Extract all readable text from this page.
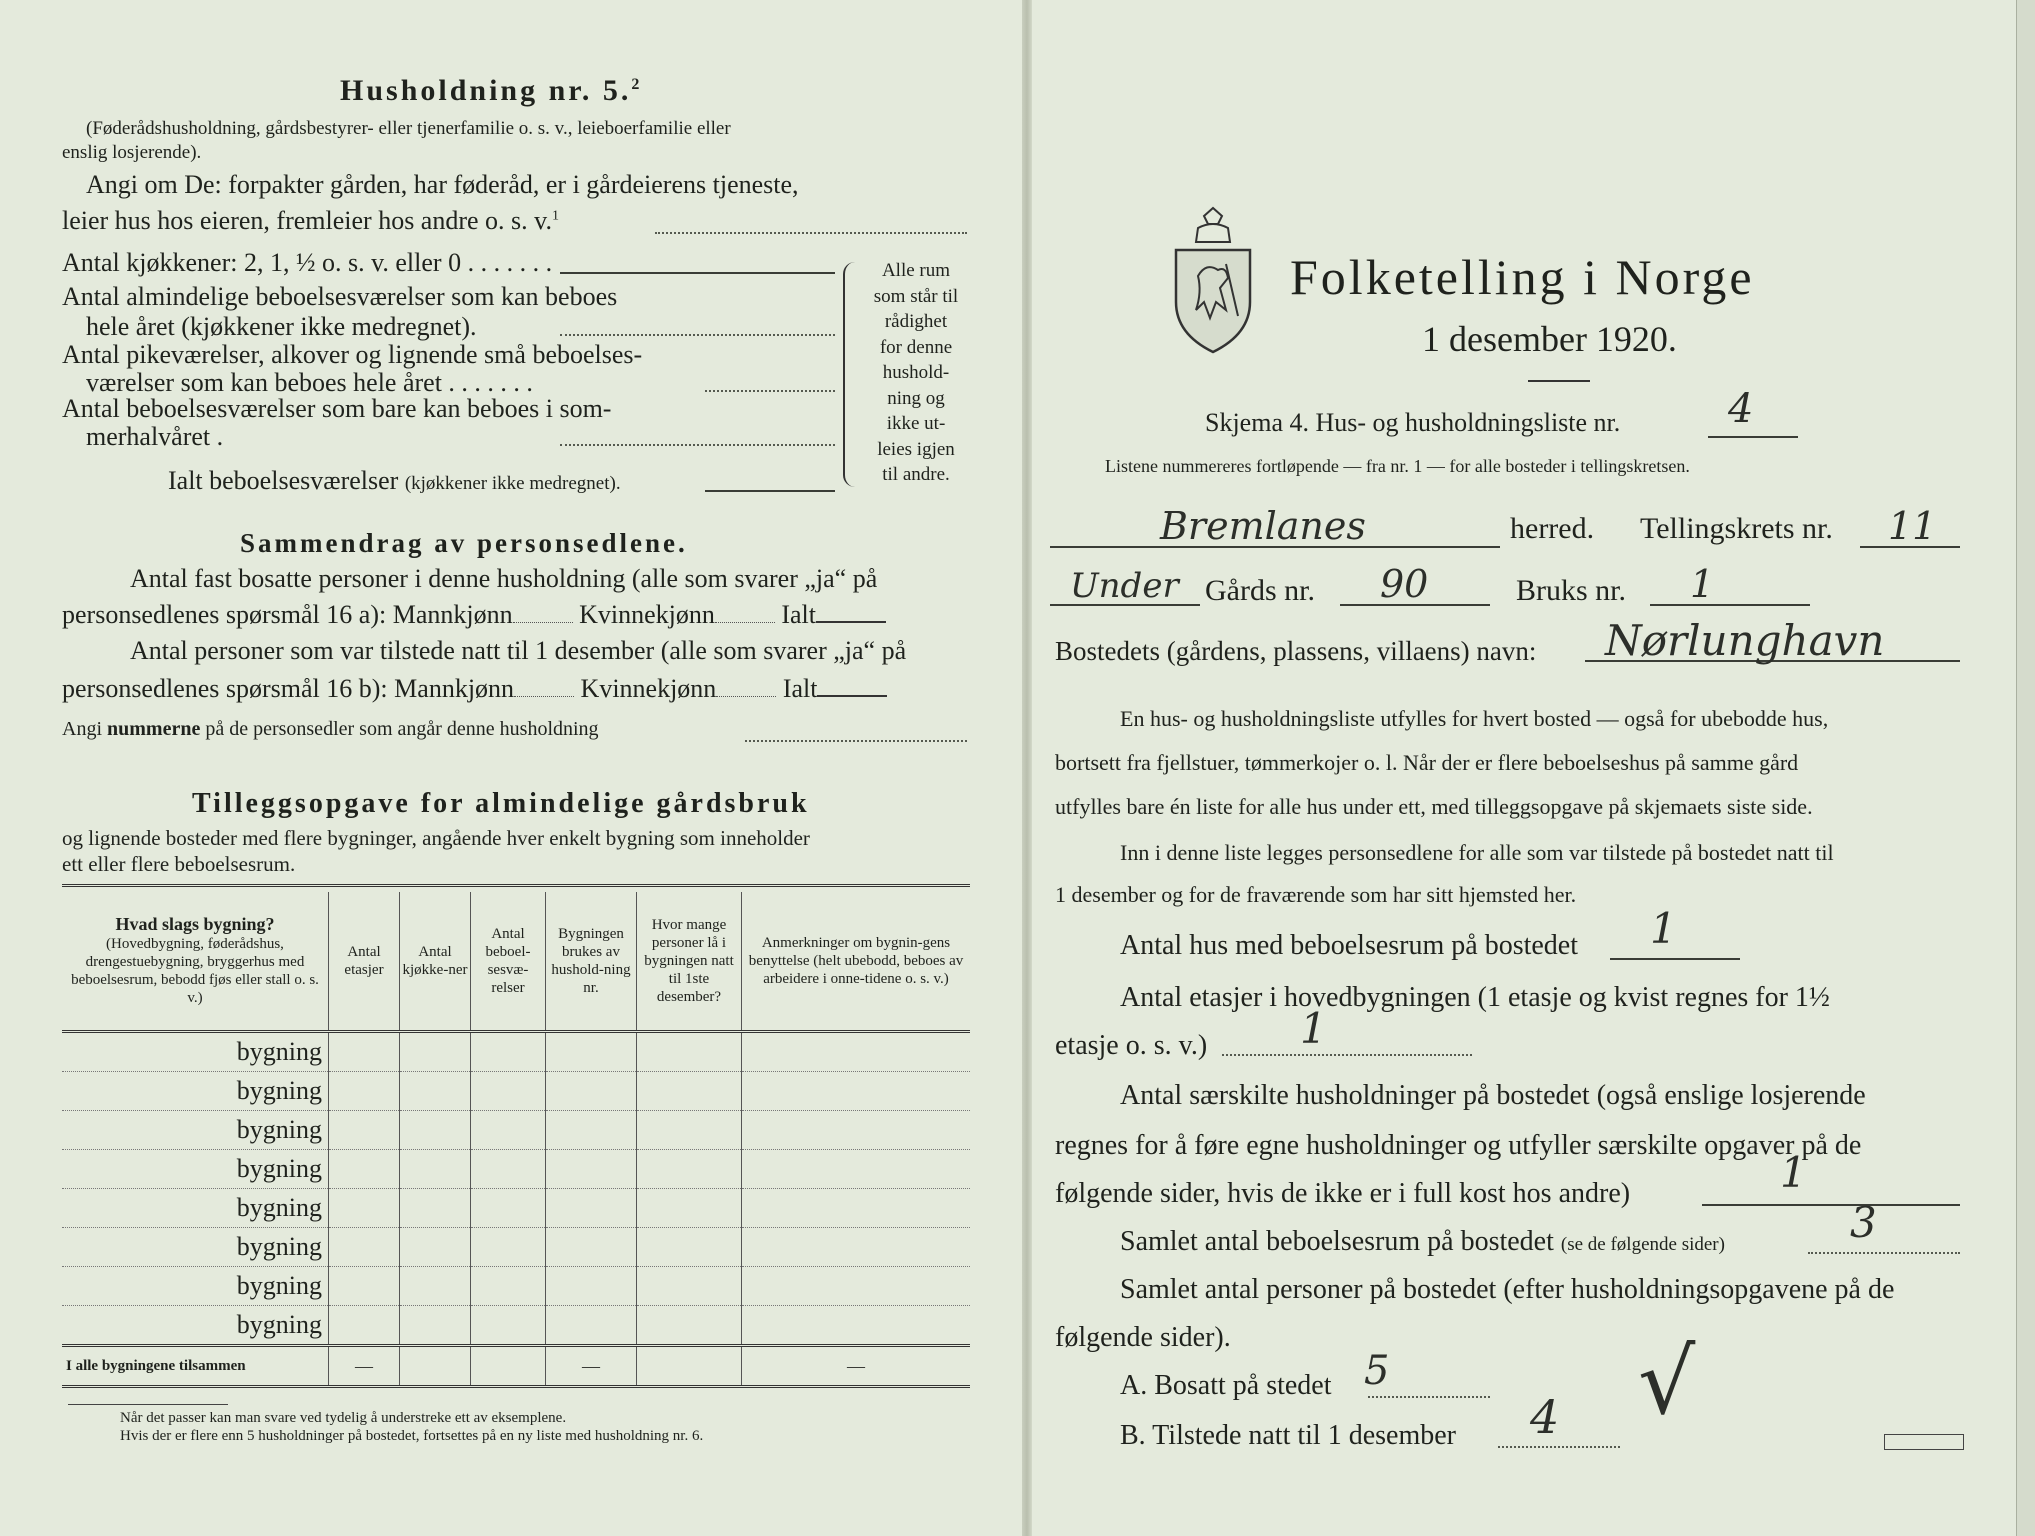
Husholdning nr. 5.$^2$
(Føderådshusholdning, gårdsbestyrer- eller tjenerfamilie o. s. v., leieboerfamilie eller
enslig losjerende).
Angi om De: forpakter gården, har føderåd, er i gårdeierens tjeneste,
leier hus hos eieren, fremleier hos andre o. s. v.$^1$
Antal kjøkkener: 2, 1, ½ o. s. v. eller 0 . . . . . . .
Antal almindelige beboelsesværelser som kan beboes
hele året (kjøkkener ikke medregnet).
Antal pikeværelser, alkover og lignende små beboelses-
værelser som kan beboes hele året . . . . . . .
Antal beboelsesværelser som bare kan beboes i som-
merhalvåret .
Ialt beboelsesværelser (kjøkkener ikke medregnet).
Alle rum
som står til
rådighet
for denne
hushold-
ning og
ikke ut-
leies igjen
til andre.
Sammendrag av personsedlene.
Antal fast bosatte personer i denne husholdning (alle som svarer „ja“ på
personsedlenes spørsmål 16 a): Mannkjønn	Kvinnekjønn	Ialt
Antal personer som var tilstede natt til 1 desember (alle som svarer „ja“ på
personsedlenes spørsmål 16 b): Mannkjønn	Kvinnekjønn	Ialt
Angi nummerne på de personsedler som angår denne husholdning
Tilleggsopgave for almindelige gårdsbruk
og lignende bosteder med flere bygninger, angående hver enkelt bygning som inneholder
ett eller flere beboelsesrum.
Hvad slags bygning?
(Hovedbygning, føderådshus, drengestuebygning, bryggerhus med beboelsesrum, bebodd fjøs eller stall o. s. v.)	Antal etasjer	Antal kjøkke-ner	Antal beboel-sesvæ-relser	Bygningen brukes av hushold-ning nr.	Hvor mange personer lå i bygningen natt til 1ste desember?	Anmerkninger om bygnin-gens benyttelse (helt ubebodd, beboes av arbeidere i onne-tidene o. s. v.)
bygning						
bygning						
bygning						
bygning						
bygning						
bygning						
bygning						
bygning						
I alle bygningene tilsammen	—			—		—
Når det passer kan man svare ved tydelig å understreke ett av eksemplene.
Hvis der er flere enn 5 husholdninger på bostedet, fortsettes på en ny liste med husholdning nr. 6.
Folketelling i Norge
1 desember 1920.
Skjema 4. Hus- og husholdningsliste nr.	4
Listene nummereres fortløpende — fra nr. 1 — for alle bosteder i tellingskretsen.
Bremlanes	herred. Tellingskrets nr. 11
Under Gårds nr. 90	Bruks nr. 1
Bostedets (gårdens, plassens, villaens) navn: Nørlunghavn
En hus- og husholdningsliste utfylles for hvert bosted — også for ubebodde hus,
bortsett fra fjellstuer, tømmerkojer o. l. Når der er flere beboelseshus på samme gård
utfylles bare én liste for alle hus under ett, med tilleggsopgave på skjemaets siste side.
Inn i denne liste legges personsedlene for alle som var tilstede på bostedet natt til
1 desember og for de fraværende som har sitt hjemsted her.
Antal hus med beboelsesrum på bostedet 1
Antal etasjer i hovedbygningen (1 etasje og kvist regnes for 1½
etasje o. s. v.) 1
Antal særskilte husholdninger på bostedet (også enslige losjerende
regnes for å føre egne husholdninger og utfyller særskilte opgaver på de
følgende sider, hvis de ikke er i full kost hos andre)	1
Samlet antal beboelsesrum på bostedet (se de følgende sider)	3
Samlet antal personer på bostedet (efter husholdningsopgavene på de
følgende sider).
A. Bosatt på stedet 5
B. Tilstede natt til 1 desember 4 √
